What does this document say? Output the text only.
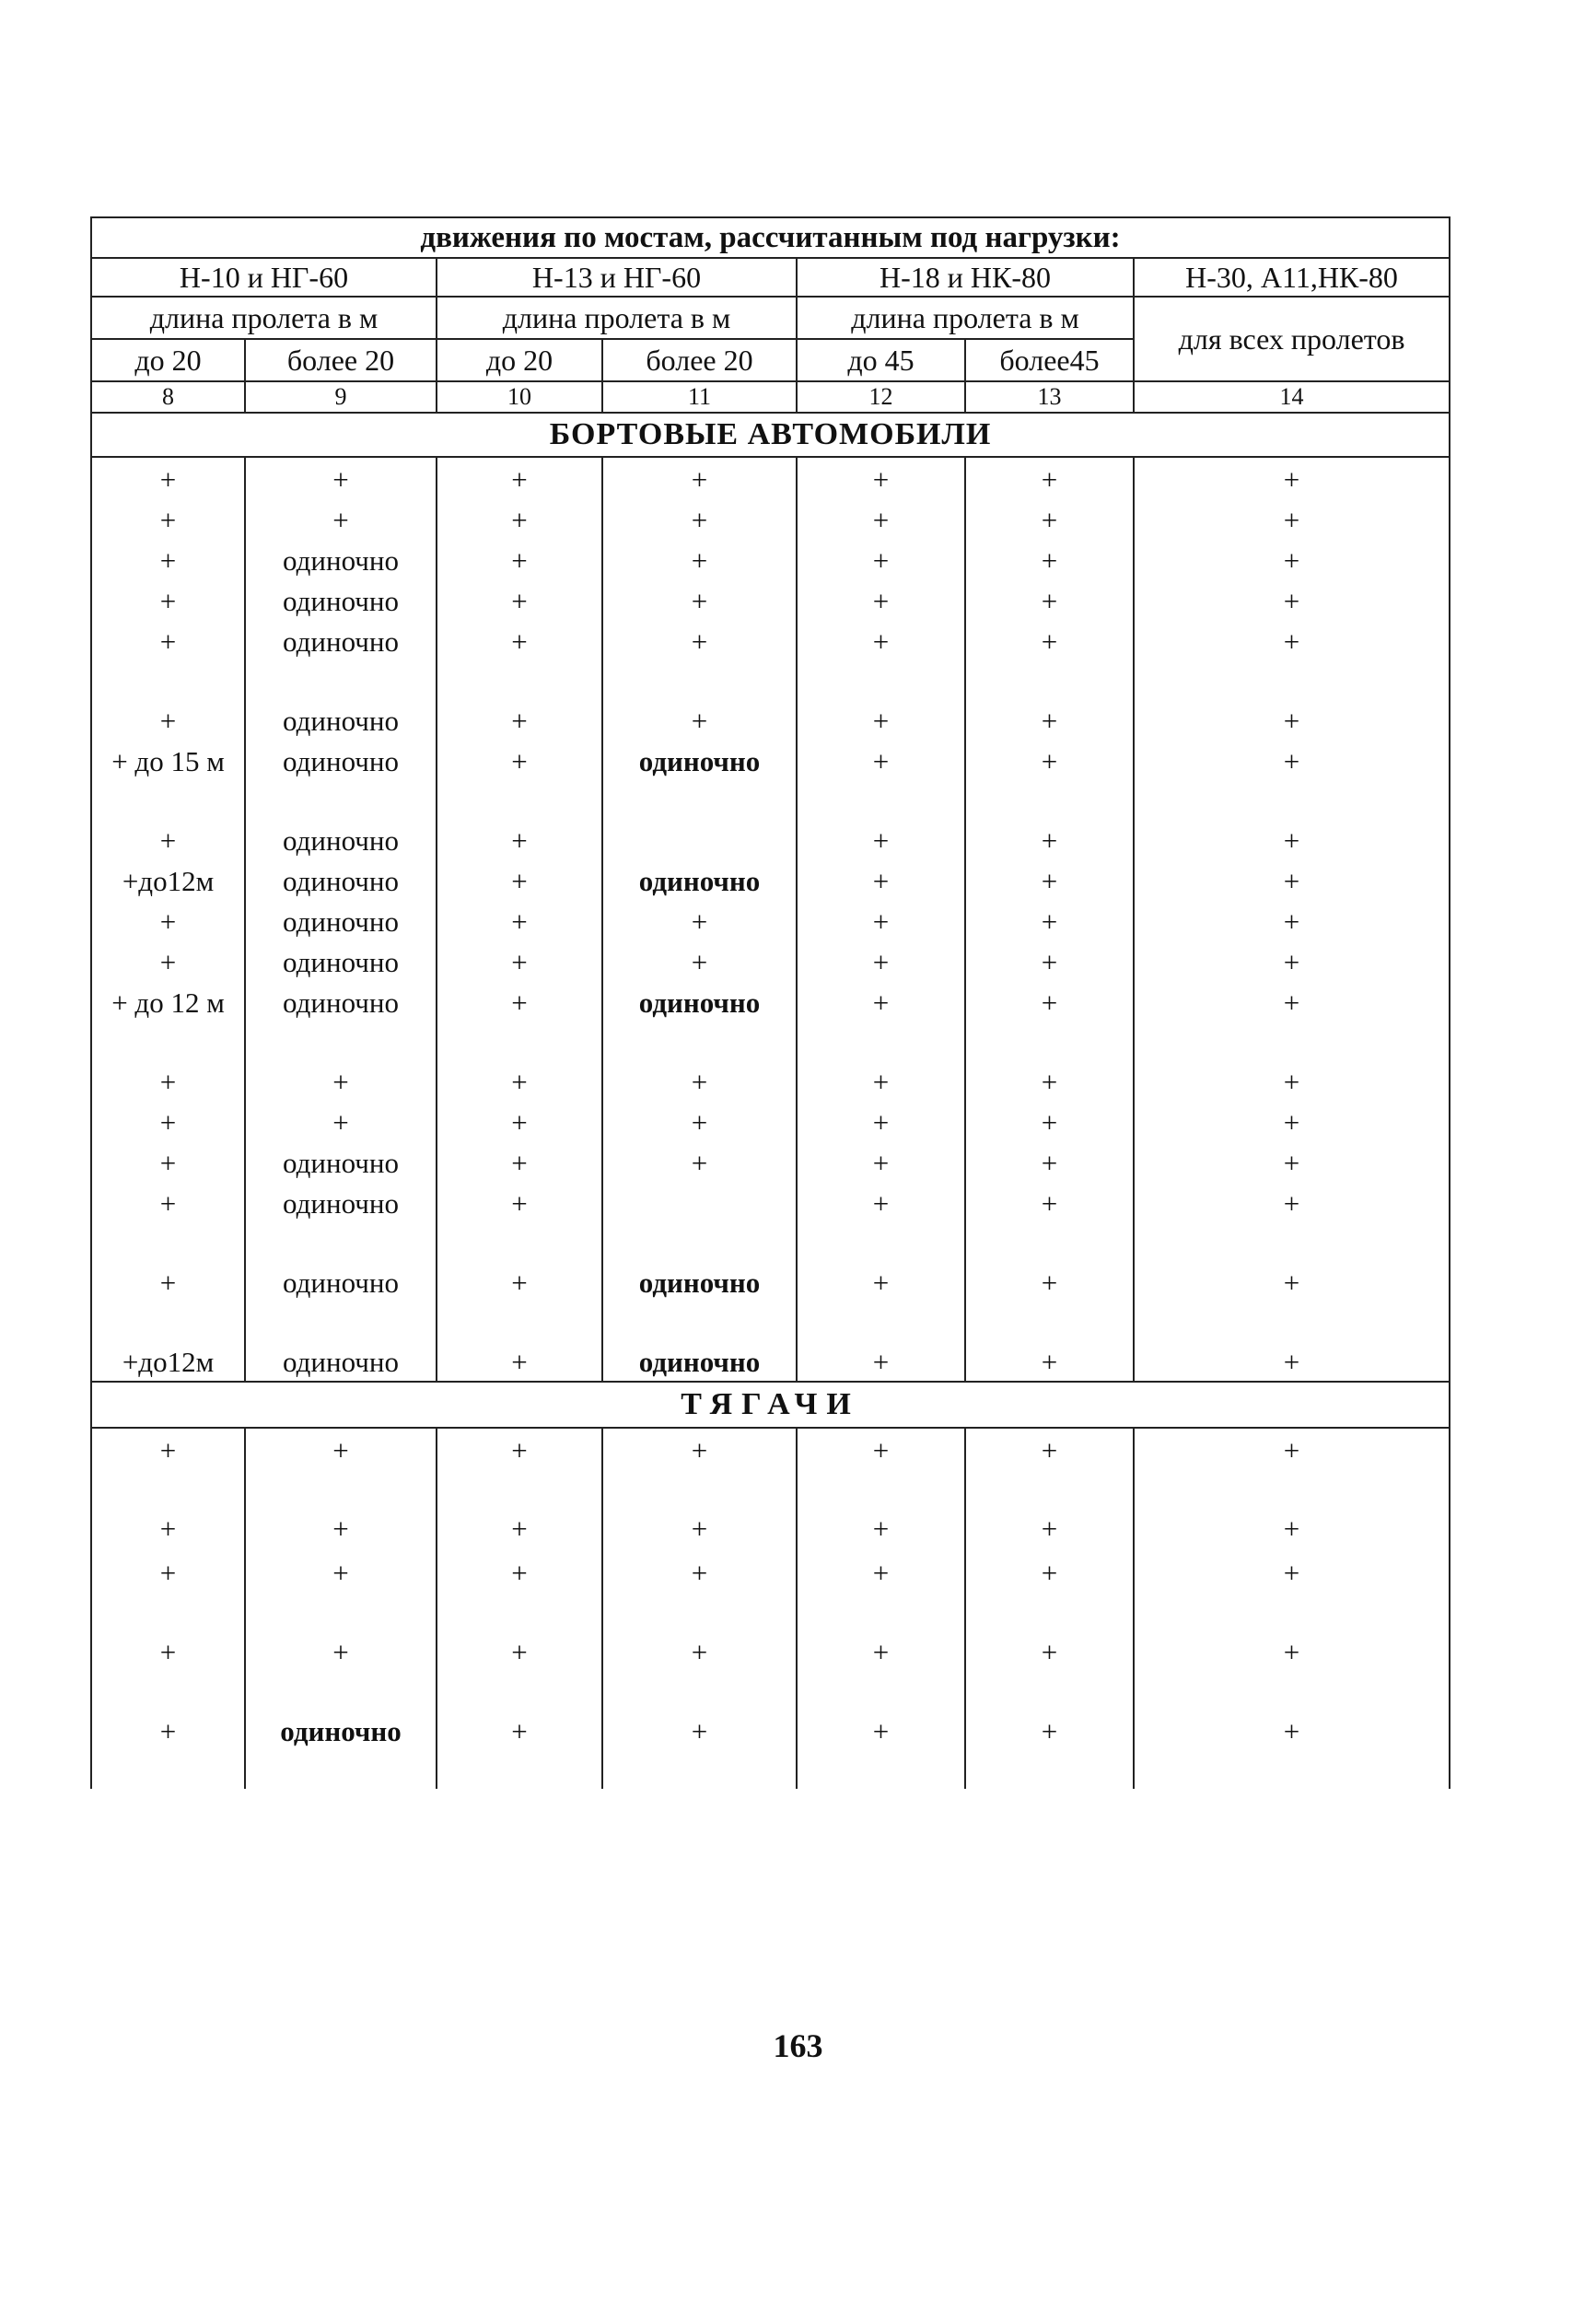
движения по мостам, рассчитанным под нагрузки:						
Н-10 и НГ-60		Н-13 и НГ-60		Н-18 и НК-80		Н-30, А11,НК-80
длина пролета в м		длина пролета в м		длина пролета в м		для всех пролетов
до 20	более 20	до 20	более 20	до 45	более45	
8	9	10	11	12	13	14
БОРТОВЫЕ АВТОМОБИЛИ						
+	+	+	+	+	+	+
+	+	+	+	+	+	+
+	одиночно	+	+	+	+	+
+	одиночно	+	+	+	+	+
+	одиночно	+	+	+	+	+
+	одиночно	+	+	+	+	+
+ до 15 м	одиночно	+	одиночно	+	+	+
+	одиночно	+		+	+	+
+до12м	одиночно	+	одиночно	+	+	+
+	одиночно	+	+	+	+	+
+	одиночно	+	+	+	+	+
+ до 12 м	одиночно	+	одиночно	+	+	+
+	+	+	+	+	+	+
+	+	+	+	+	+	+
+	одиночно	+	+	+	+	+
+	одиночно	+		+	+	+
+	одиночно	+	одиночно	+	+	+
+до12м	одиночно	+	одиночно	+	+	+
ТЯГАЧИ						
+	+	+	+	+	+	+
+	+	+	+	+	+	+
+	+	+	+	+	+	+
+	+	+	+	+	+	+
+	одиночно	+	+	+	+	+
163
